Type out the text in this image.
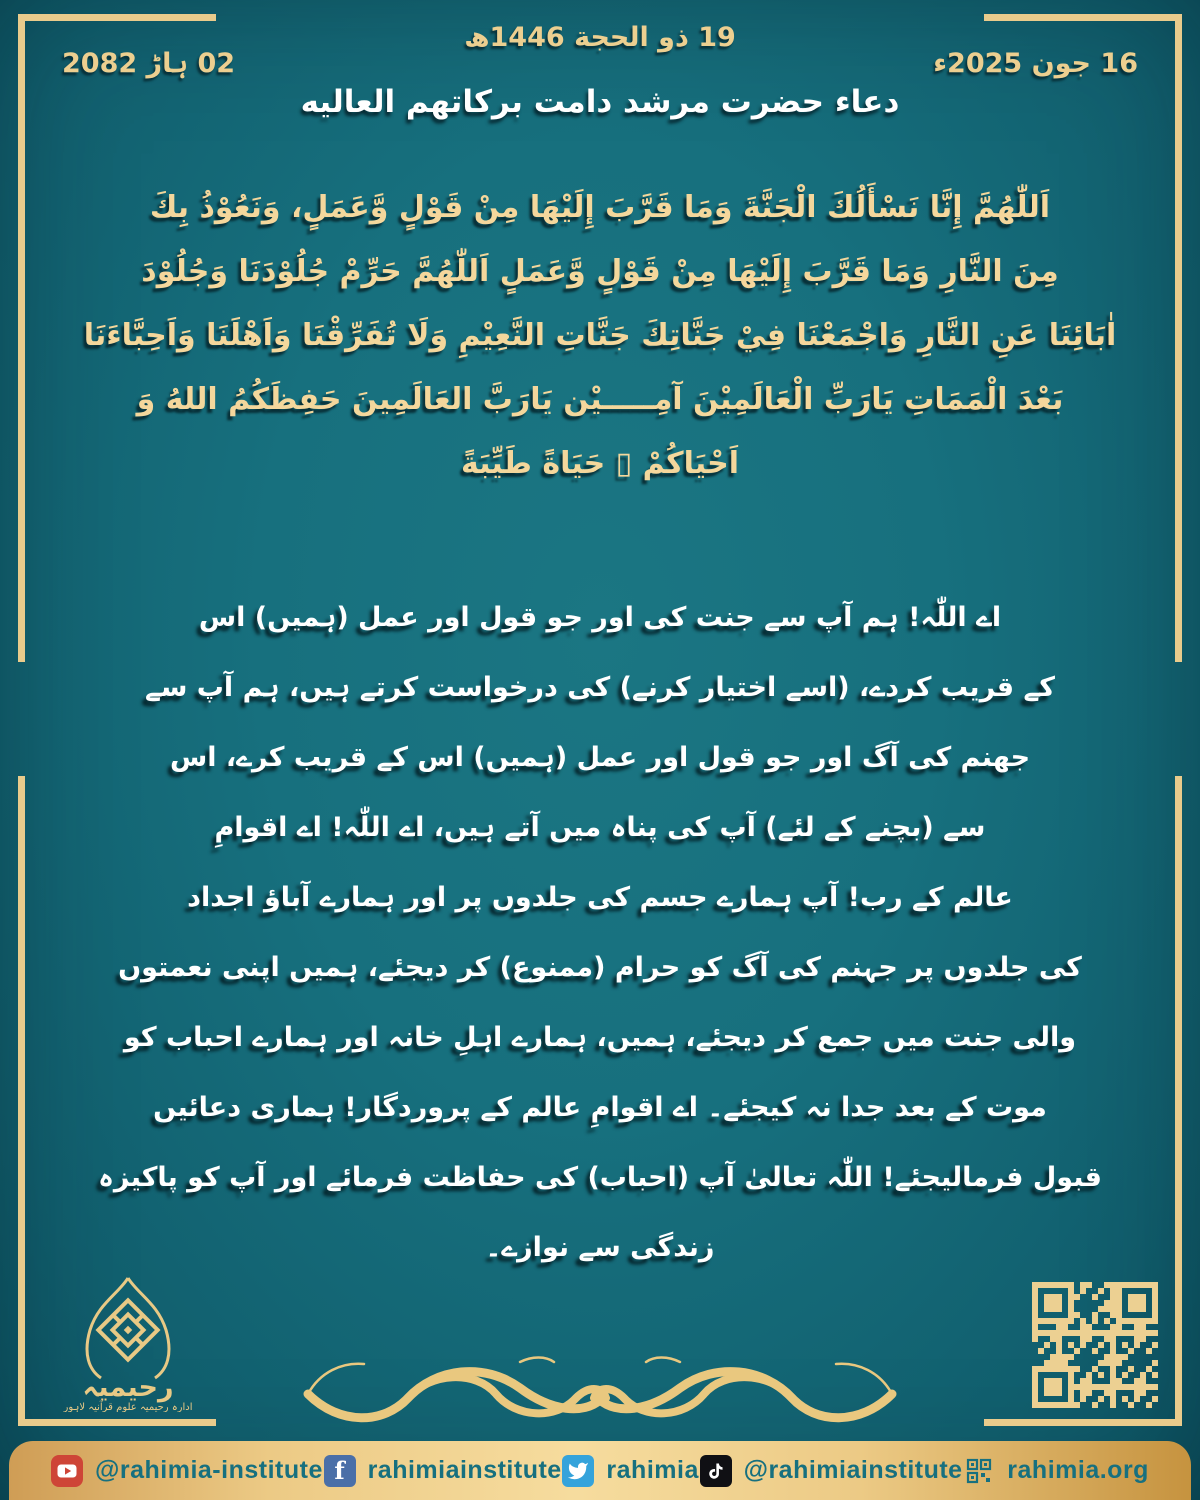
19 ذو الحجة 1446ھ
16 جون 2025ء
02 ہاڑ 2082
دعاء حضرت مرشد دامت برکاتهم العالیه
اَللّٰهُمَّ إِنَّا نَسْأَلُكَ الْجَنَّةَ وَمَا قَرَّبَ إِلَيْهَا مِنْ قَوْلٍ وَّعَمَلٍ، وَنَعُوْذُ بِكَ
مِنَ النَّارِ وَمَا قَرَّبَ إِلَيْهَا مِنْ قَوْلٍ وَّعَمَلٍ اَللّٰهُمَّ حَرِّمْ جُلُوْدَنَا وَجُلُوْدَ
اٰبَائِنَا عَنِ النَّارِ وَاجْمَعْنَا فِيْ جَنَّاتِكَ جَنَّاتِ النَّعِيْمِ وَلَا تُفَرِّقْنَا وَاَهْلَنَا وَاَحِبَّاءَنَا
بَعْدَ الْمَمَاتِ يَارَبِّ الْعَالَمِيْنَ آمِـــــيْن يَارَبَّ العَالَمِينَ حَفِظَكُمُ اللهُ وَ
اَحْيَاكُمْ ▯ حَيَاةً طَيِّبَةً
اے اللّٰہ! ہم آپ سے جنت کی اور جو قول اور عمل (ہمیں) اس
کے قریب کردے، (اسے اختیار کرنے) کی درخواست کرتے ہیں، ہم آپ سے
جھنم کی آگ اور جو قول اور عمل (ہمیں) اس کے قریب کرے، اس
سے (بچنے کے لئے) آپ کی پناہ میں آتے ہیں، اے اللّٰہ! اے اقوامِ
عالم کے رب! آپ ہمارے جسم کی جلدوں پر اور ہمارے آباؤ اجداد
کی جلدوں پر جہنم کی آگ کو حرام (ممنوع) کر دیجئے، ہمیں اپنی نعمتوں
والی جنت میں جمع کر دیجئے، ہمیں، ہمارے اہلِ خانہ اور ہمارے احباب کو
موت کے بعد جدا نہ کیجئے۔ اے اقوامِ عالم کے پروردگار! ہماری دعائیں
قبول فرمالیجئے! اللّٰہ تعالیٰ آپ (احباب) کی حفاظت فرمائے اور آپ کو پاکیزہ
زندگی سے نوازے۔
رحیمیہ
ادارہ رحیمیہ علومِ قرآنیہ لاہور
@rahimia-institute f rahimiainstitute rahimia @rahimiainstitute rahimia.org
